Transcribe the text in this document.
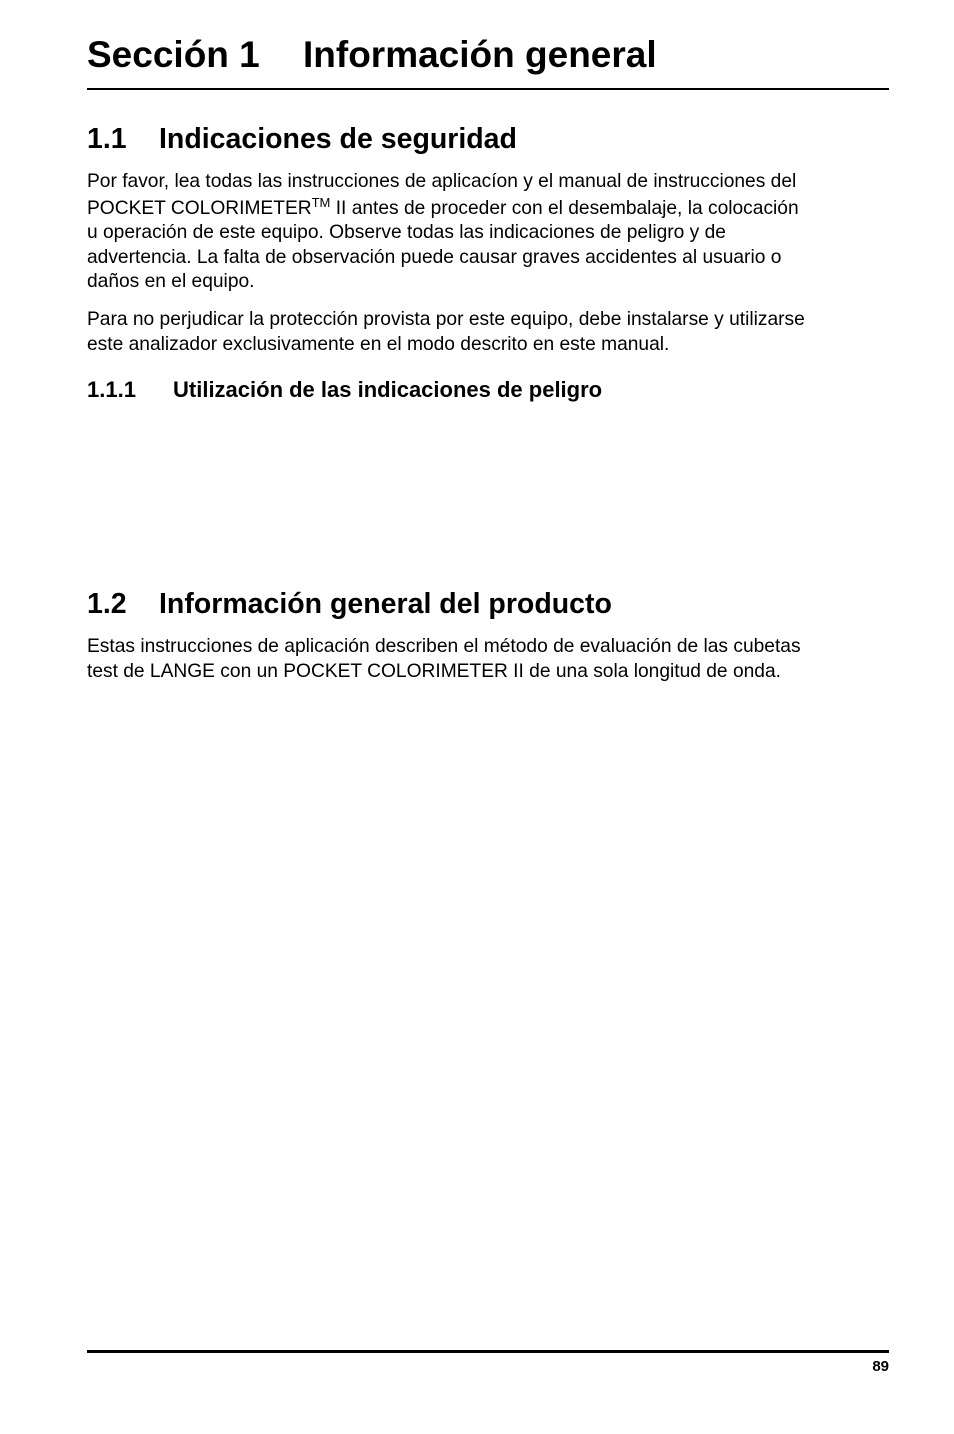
Sección 1 Información general
1.1 Indicaciones de seguridad
Por favor, lea todas las instrucciones de aplicacíon y el manual de instrucciones del
POCKET COLORIMETER™ II antes de proceder con el desembalaje, la colocación
u operación de este equipo. Observe todas las indicaciones de peligro y de
advertencia. La falta de observación puede causar graves accidentes al usuario o
daños en el equipo.
Para no perjudicar la protección provista por este equipo, debe instalarse y utilizarse
este analizador exclusivamente en el modo descrito en este manual.
1.1.1 Utilización de las indicaciones de peligro
1.2 Información general del producto
Estas instrucciones de aplicación describen el método de evaluación de las cubetas
test de LANGE con un POCKET COLORIMETER II de una sola longitud de onda.
89
